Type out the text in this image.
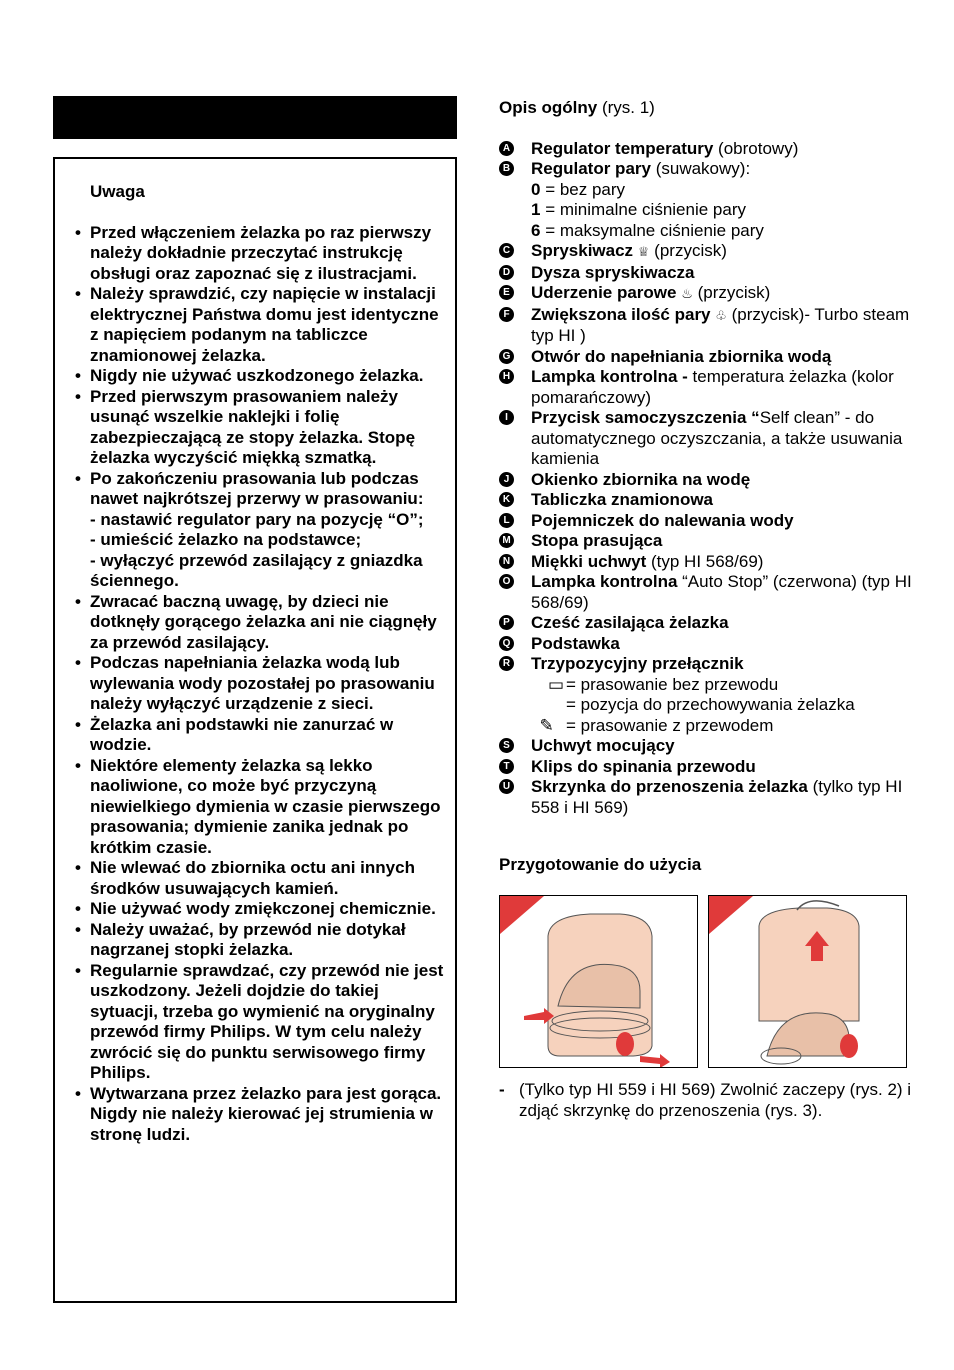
Uwaga
• Przed włączeniem żelazka po raz pierwszy należy dokładnie przeczytać instrukcję obsługi oraz zapoznać się z ilustracjami.
• Należy sprawdzić, czy napięcie w instalacji elektrycznej Państwa domu jest identyczne z napięciem podanym na tabliczce znamionowej żelazka.
• Nigdy nie używać uszkodzonego żelazka.
• Przed pierwszym prasowaniem należy usunąć wszelkie naklejki i folię zabezpieczającą ze stopy żelazka. Stopę żelazka wyczyścić miękką szmatką.
• Po zakończeniu prasowania lub podczas nawet najkrótszej przerwy w prasowaniu:
- nastawić regulator pary na pozycję “O”;
- umieścić żelazko na podstawce;
- wyłączyć przewód zasilający z gniazdka ściennego.
• Zwracać baczną uwagę, by dzieci nie dotknęły gorącego żelazka ani nie ciągnęły za przewód zasilający.
• Podczas napełniania żelazka wodą lub wylewania wody pozostałej po prasowaniu należy wyłączyć urządzenie z sieci.
• Żelazka ani podstawki nie zanurzać w wodzie.
• Niektóre elementy żelazka są lekko naoliwione, co może być przyczyną niewielkiego dymienia w czasie pierwszego prasowania; dymienie zanika jednak po krótkim czasie.
• Nie wlewać do zbiornika octu ani innych środków usuwających kamień.
• Nie używać wody zmiękczonej chemicznie.
• Należy uważać, by przewód nie dotykał nagrzanej stopki żelazka.
• Regularnie sprawdzać, czy przewód nie jest uszkodzony. Jeżeli dojdzie do takiej sytuacji, trzeba go wymienić na oryginalny przewód firmy Philips. W tym celu należy zwrócić się do punktu serwisowego firmy Philips.
• Wytwarzana przez żelazko para jest gorąca. Nigdy nie należy kierować jej strumienia w stronę ludzi.
Opis ogólny (rys. 1)
A Regulator temperatury (obrotowy)
B Regulator pary (suwakowy):
0 = bez pary
1 = minimalne ciśnienie pary
6 = maksymalne ciśnienie pary
C Spryskiwacz ♕ (przycisk)
D Dysza spryskiwacza
E Uderzenie parowe ♨ (przycisk)
F Zwiększona ilość pary ♧ (przycisk)- Turbo steam typ HI )
G Otwór do napełniania zbiornika wodą
H Lampka kontrolna - temperatura żelazka (kolor pomarańczowy)
I	Przycisk samoczyszczenia “Self clean” - do automatycznego oczyszczania, a także usuwania kamienia
J Okienko zbiornika na wodę
K Tabliczka znamionowa
L Pojemniczek do nalewania wody
M Stopa prasująca
N Miękki uchwyt (typ HI 568/69)
O Lampka kontrolna “Auto Stop” (czerwona) (typ HI 568/69)
P Cześć zasilająca żelazka
Q Podstawka
R Trzypozycyjny przełącznik
 ▭ = prasowanie bez przewodu
= pozycja do przechowywania żelazka
 ✎ = prasowanie z przewodem
S Uchwyt mocujący
T Klips do spinania przewodu
U Skrzynka do przenoszenia żelazka (tylko typ HI 558 i HI 569)
Przygotowanie do użycia
- (Tylko typ HI 559 i HI 569) Zwolnić zaczepy (rys. 2) i zdjąć skrzynkę do przenoszenia (rys. 3).
